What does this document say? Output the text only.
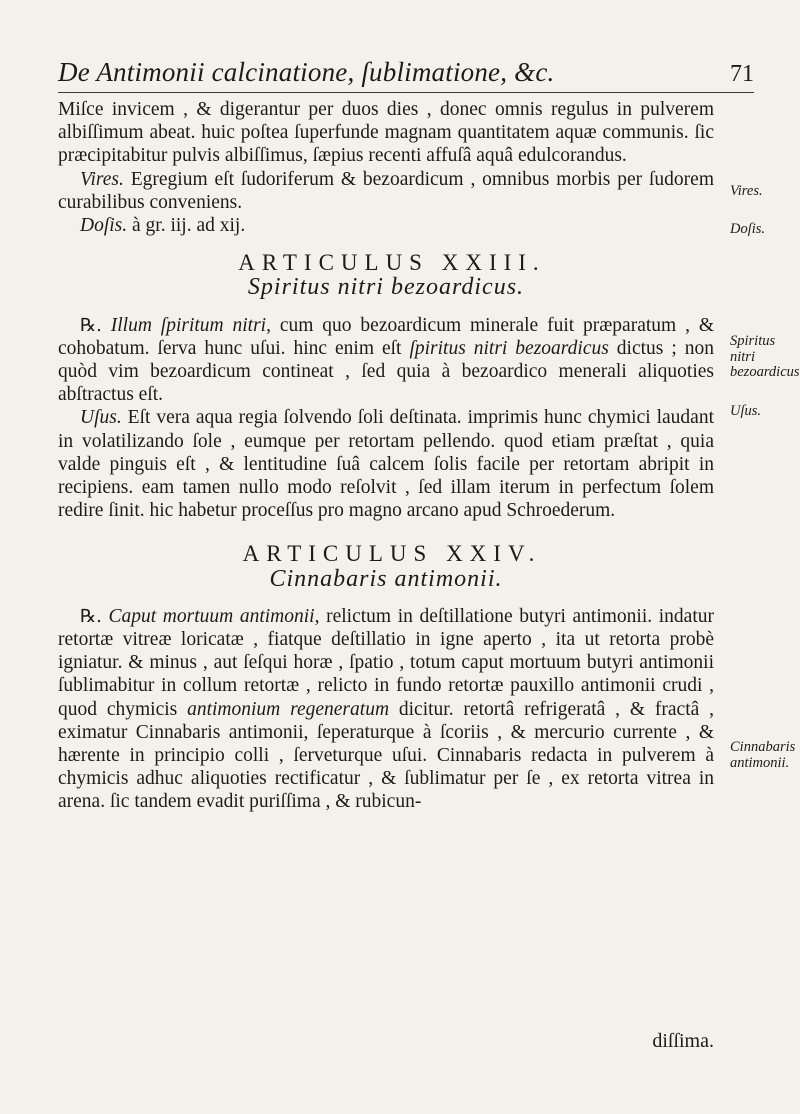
De Antimonii calcinatione, ſublimatione, &c.	71

Miſce invicem , & digerantur per duos dies , donec omnis regulus in pulverem albiſſimum abeat. huic poſtea ſuperfunde magnam quantitatem aquæ communis. ſic præcipitabitur pulvis albiſſimus, ſæpius recenti affuſâ aquâ edulcorandus.

Vires. Egregium eſt ſudoriferum & bezoardicum , omnibus morbis per ſudorem curabilibus conveniens.

Doſis. à gr. iij. ad xij.

ARTICULUS XXIII.
Spiritus nitri bezoardicus.

℞. Illum ſpiritum nitri, cum quo bezoardicum minerale fuit præparatum , & cohobatum. ſerva hunc uſui. hinc enim eſt ſpiritus nitri bezoardicus dictus ; non quòd vim bezoardicum contineat , ſed quia à bezoardico menerali aliquoties abſtractus eſt.

Uſus. Eſt vera aqua regia ſolvendo ſoli deſtinata. imprimis hunc chymici laudant in volatilizando ſole , eumque per retortam pellendo. quod etiam præſtat , quia valde pinguis eſt , & lentitudine ſuâ calcem ſolis facile per retortam abripit in recipiens. eam tamen nullo modo reſolvit , ſed illam iterum in perfectum ſolem redire ſinit. hic habetur proceſſus pro magno arcano apud Schroederum.

ARTICULUS XXIV.
Cinnabaris antimonii.

℞. Caput mortuum antimonii, relictum in deſtillatione butyri antimonii. indatur retortæ vitreæ loricatæ , fiatque deſtillatio in igne aperto , ita ut retorta probè igniatur. & minus , aut ſeſqui horæ , ſpatio , totum caput mortuum butyri antimonii ſublimabitur in collum retortæ , relicto in fundo retortæ pauxillo antimonii crudi , quod chymicis antimonium regeneratum dicitur. retortâ refrigeratâ , & fractâ , eximatur Cinnabaris antimonii, ſeperaturque à ſcoriis , & mercurio currente , & hærente in principio colli , ſerveturque uſui. Cinnabaris redacta in pulverem à chymicis adhuc aliquoties rectificatur , & ſublimatur per ſe , ex retorta vitrea in arena. ſic tandem evadit puriſſima , & rubicun-

Vires.
Doſis.
Spiritus nitri bezoardicus
Uſus.
Cinnabaris antimonii.
diſſima.
